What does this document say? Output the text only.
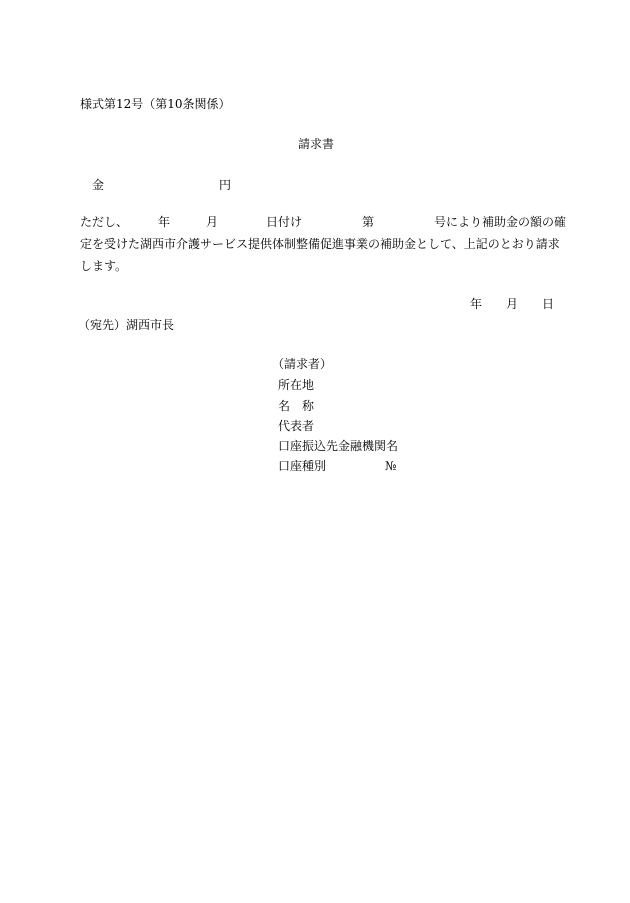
様式第12号（第10条関係）
請求書
金	円
ただし、　　　年　　　月　　　　日付け　　　　　第　　　　　号により補助金の額の確
定を受けた湖西市介護サービス提供体制整備促進事業の補助金として、上記のとおり請求
します。
年　　月　　日
（宛先）湖西市長
（請求者）
所在地
名　称
代表者
口座振込先金融機関名
口座種別	№
